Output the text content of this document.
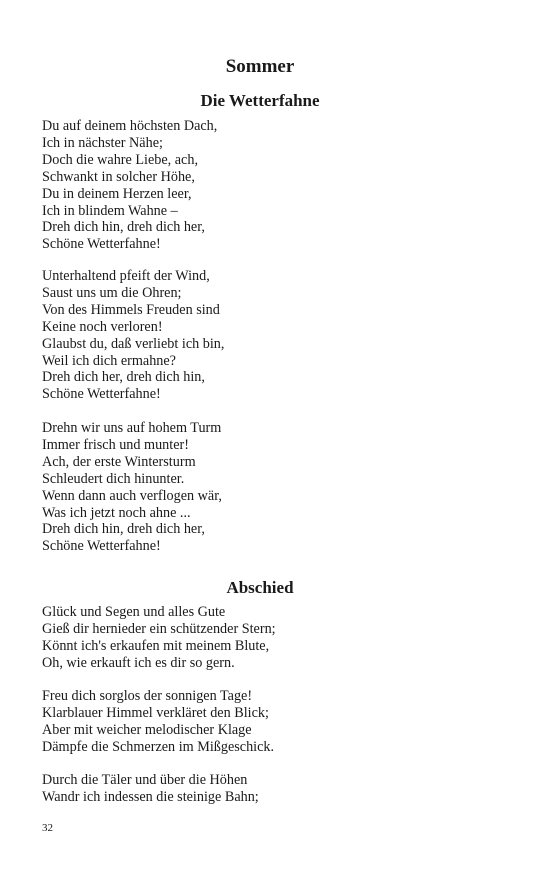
Sommer
Die Wetterfahne
Du auf deinem höchsten Dach,
Ich in nächster Nähe;
Doch die wahre Liebe, ach,
Schwankt in solcher Höhe,
Du in deinem Herzen leer,
Ich in blindem Wahne –
Dreh dich hin, dreh dich her,
Schöne Wetterfahne!
Unterhaltend pfeift der Wind,
Saust uns um die Ohren;
Von des Himmels Freuden sind
Keine noch verloren!
Glaubst du, daß verliebt ich bin,
Weil ich dich ermahne?
Dreh dich her, dreh dich hin,
Schöne Wetterfahne!
Drehn wir uns auf hohem Turm
Immer frisch und munter!
Ach, der erste Wintersturm
Schleudert dich hinunter.
Wenn dann auch verflogen wär,
Was ich jetzt noch ahne ...
Dreh dich hin, dreh dich her,
Schöne Wetterfahne!
Abschied
Glück und Segen und alles Gute
Gieß dir hernieder ein schützender Stern;
Könnt ich's erkaufen mit meinem Blute,
Oh, wie erkauft ich es dir so gern.
Freu dich sorglos der sonnigen Tage!
Klarblauer Himmel verkläret den Blick;
Aber mit weicher melodischer Klage
Dämpfe die Schmerzen im Mißgeschick.
Durch die Täler und über die Höhen
Wandr ich indessen die steinige Bahn;
32
